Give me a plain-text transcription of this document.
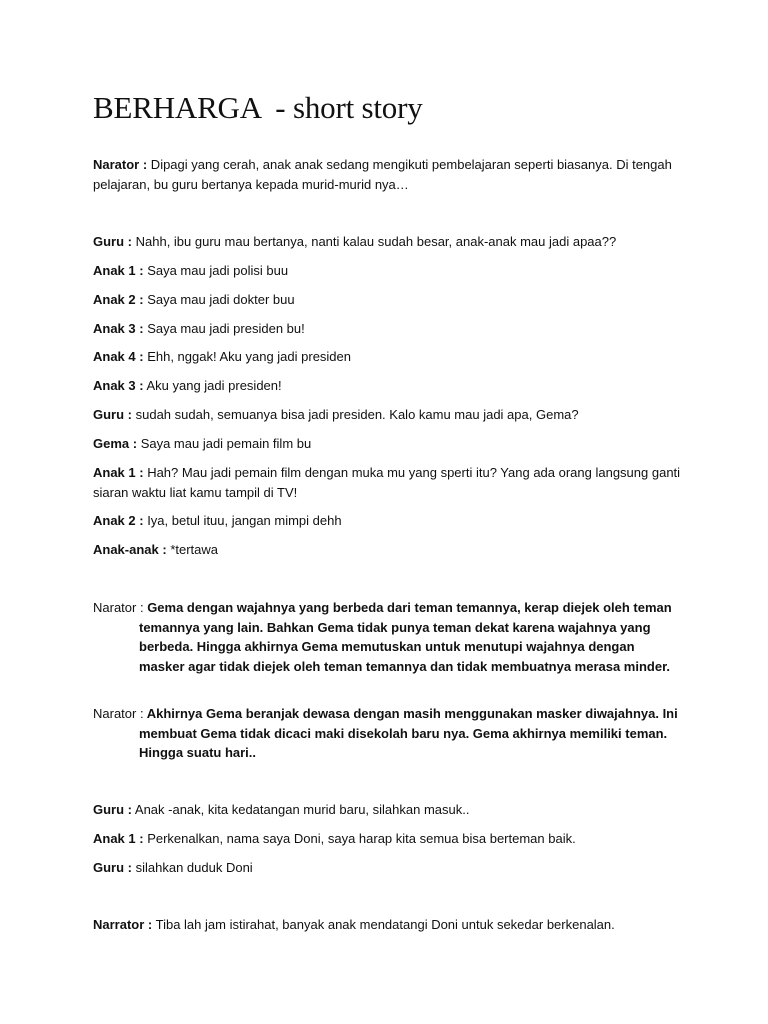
BERHARGA  - short story

Narator : Dipagi yang cerah, anak anak sedang mengikuti pembelajaran seperti biasanya. Di tengah pelajaran, bu guru bertanya kepada murid-murid nya…

Guru : Nahh, ibu guru mau bertanya, nanti kalau sudah besar, anak-anak mau jadi apaa??

Anak 1 : Saya mau jadi polisi buu

Anak 2 : Saya mau jadi dokter buu

Anak 3 : Saya mau jadi presiden bu!

Anak 4 : Ehh, nggak! Aku yang jadi presiden

Anak 3 : Aku yang jadi presiden!

Guru : sudah sudah, semuanya bisa jadi presiden. Kalo kamu mau jadi apa, Gema?

Gema : Saya mau jadi pemain film bu

Anak 1 : Hah? Mau jadi pemain film dengan muka mu yang sperti itu? Yang ada orang langsung ganti siaran waktu liat kamu tampil di TV!

Anak 2 : Iya, betul ituu, jangan mimpi dehh

Anak-anak : *tertawa

Narator : Gema dengan wajahnya yang berbeda dari teman temannya, kerap diejek oleh teman temannya yang lain. Bahkan Gema tidak punya teman dekat karena wajahnya yang berbeda. Hingga akhirnya Gema memutuskan untuk menutupi wajahnya dengan masker agar tidak diejek oleh teman temannya dan tidak membuatnya merasa minder.

Narator : Akhirnya Gema beranjak dewasa dengan masih menggunakan masker diwajahnya. Ini membuat Gema tidak dicaci maki disekolah baru nya. Gema akhirnya memiliki teman. Hingga suatu hari..

Guru : Anak -anak, kita kedatangan murid baru, silahkan masuk..

Anak 1 : Perkenalkan, nama saya Doni, saya harap kita semua bisa berteman baik.

Guru : silahkan duduk Doni

Narrator : Tiba lah jam istirahat, banyak anak mendatangi Doni untuk sekedar berkenalan.
